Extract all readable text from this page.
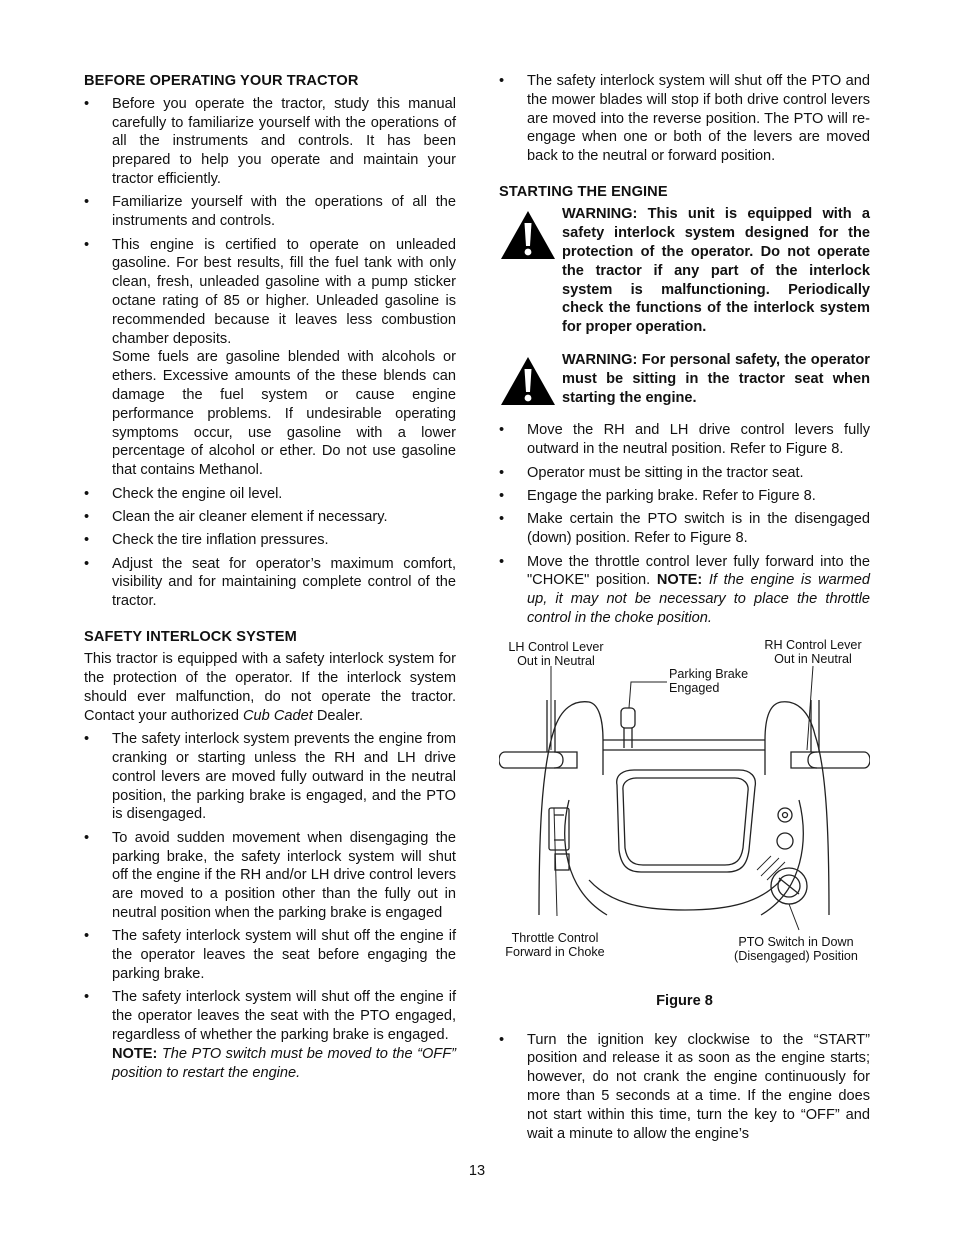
BEFORE OPERATING YOUR TRACTOR
• Before you operate the tractor, study this manual carefully to familiarize yourself with the operations of all the instruments and controls. It has been prepared to help you operate and maintain your tractor efficiently.
• Familiarize yourself with the operations of all the instruments and controls.
• This engine is certified to operate on unleaded gasoline. For best results, fill the fuel tank with only clean, fresh, unleaded gasoline with a pump sticker octane rating of 85 or higher. Unleaded gasoline is recommended because it leaves less combustion chamber deposits.
Some fuels are gasoline blended with alcohols or ethers. Excessive amounts of the these blends can damage the fuel system or cause engine performance problems. If undesirable operating symptoms occur, use gasoline with a lower percentage of alcohol or ether. Do not use gasoline that contains Methanol.
• Check the engine oil level.
• Clean the air cleaner element if necessary.
• Check the tire inflation pressures.
• Adjust the seat for operator’s maximum comfort, visibility and for maintaining complete control of the tractor.
SAFETY INTERLOCK SYSTEM

This tractor is equipped with a safety interlock system for the protection of the operator. If the interlock system should ever malfunction, do not operate the tractor. Contact your authorized Cub Cadet Dealer.

• The safety interlock system prevents the engine from cranking or starting unless the RH and LH drive control levers are moved fully outward in the neutral position, the parking brake is engaged, and the PTO is disengaged.
• To avoid sudden movement when disengaging the parking brake, the safety interlock system will shut off the engine if the RH and/or LH drive control levers are moved to a position other than the fully out in neutral position when the parking brake is engaged
• The safety interlock system will shut off the engine if the operator leaves the seat before engaging the parking brake.
• The safety interlock system will shut off the engine if the operator leaves the seat with the PTO engaged, regardless of whether the parking brake is engaged.
NOTE: The PTO switch must be moved to the “OFF” position to restart the engine.
• The safety interlock system will shut off the PTO and the mower blades will stop if both drive control levers are moved into the reverse position. The PTO will re-engage when one or both of the levers are moved back to the neutral or forward position.
STARTING THE ENGINE
WARNING: This unit is equipped with a safety interlock system designed for the protection of the operator. Do not operate the tractor if any part of the interlock system is malfunctioning. Periodically check the functions of the interlock system for proper operation.
WARNING: For personal safety, the operator must be sitting in the tractor seat when starting the engine.
• Move the RH and LH drive control levers fully outward in the neutral position. Refer to Figure 8.
• Operator must be sitting in the tractor seat.
• Engage the parking brake. Refer to Figure 8.
• Make certain the PTO switch is in the disengaged (down) position. Refer to Figure 8.
• Move the throttle control lever fully forward into the "CHOKE" position. NOTE: If the engine is warmed up, it may not be necessary to place the throttle control in the choke position.
LH Control Lever Out in Neutral
RH Control Lever Out in Neutral
Parking Brake Engaged
Throttle Control Forward in Choke
PTO Switch in Down (Disengaged) Position
Figure 8
• Turn the ignition key clockwise to the “START” position and release it as soon as the engine starts; however, do not crank the engine continuously for more than 5 seconds at a time. If the engine does not start within this time, turn the key to “OFF” and wait a minute to allow the engine’s
13
